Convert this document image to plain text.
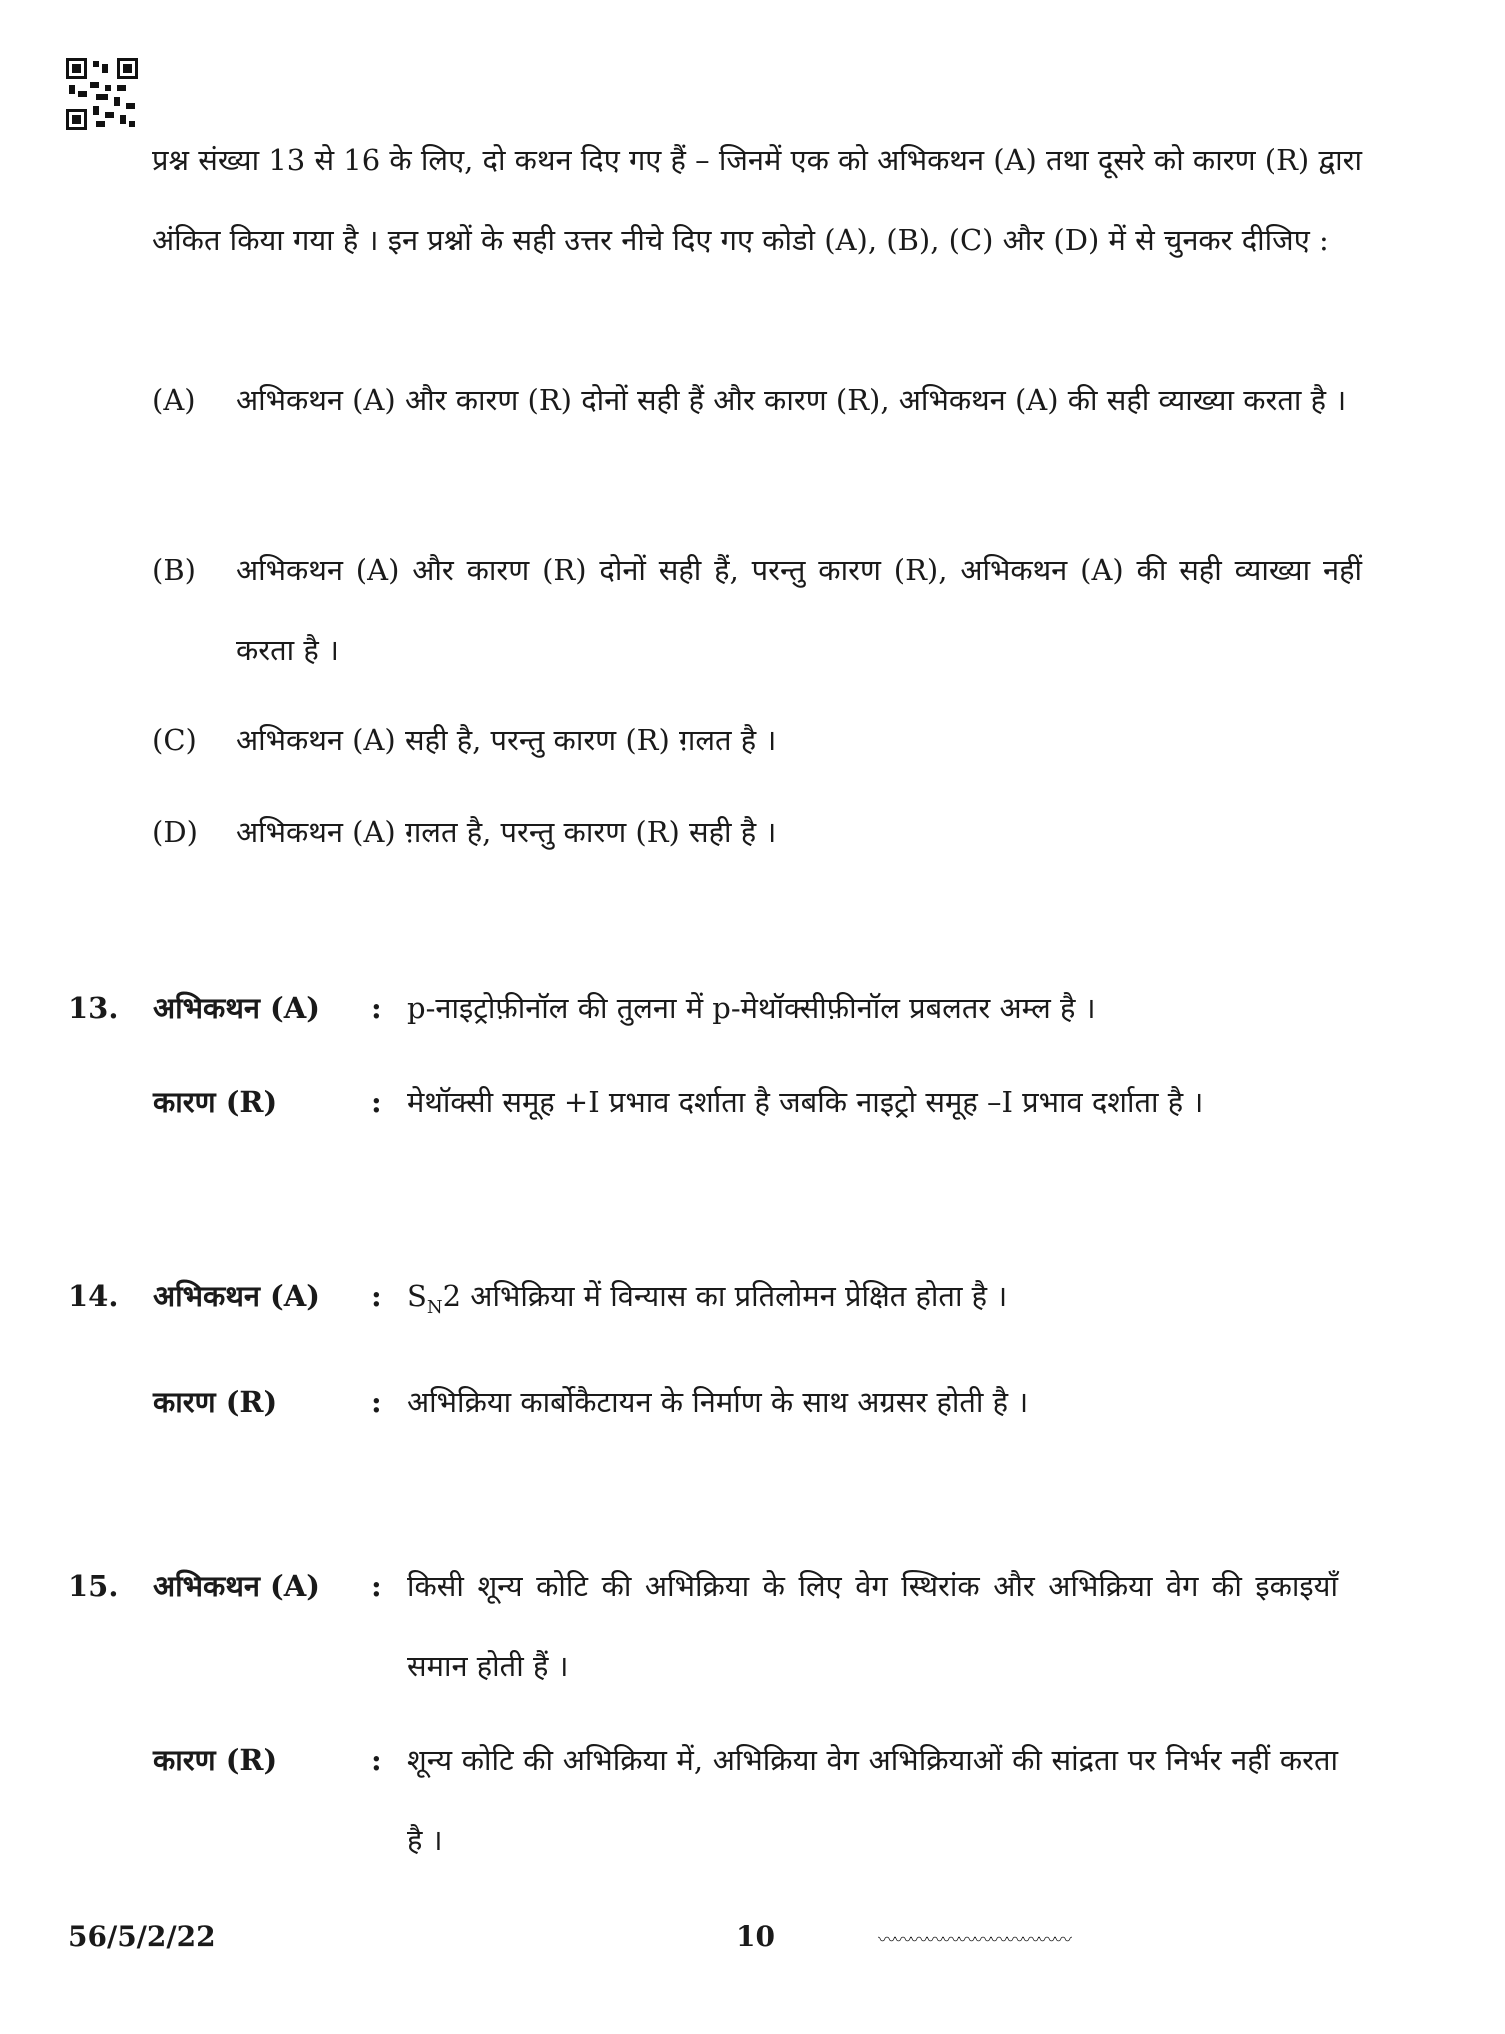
प्रश्न संख्या 13 से 16 के लिए, दो कथन दिए गए हैं – जिनमें एक को अभिकथन (A) तथा दूसरे को कारण (R) द्वारा अंकित किया गया है । इन प्रश्नों के सही उत्तर नीचे दिए गए कोडो (A), (B), (C) और (D) में से चुनकर दीजिए :
(A)	अभिकथन (A) और कारण (R) दोनों सही हैं और कारण (R), अभिकथन (A) की सही व्याख्या करता है ।
(B)	अभिकथन (A) और कारण (R) दोनों सही हैं, परन्तु कारण (R), अभिकथन (A) की सही व्याख्या नहीं करता है ।
(C)	अभिकथन (A) सही है, परन्तु कारण (R) ग़लत है ।
(D)	अभिकथन (A) ग़लत है, परन्तु कारण (R) सही है ।
13.	अभिकथन (A)	: p-नाइट्रोफ़ीनॉल की तुलना में p-मेथॉक्सीफ़ीनॉल प्रबलतर अम्ल है ।
कारण (R)	: मेथॉक्सी समूह +I प्रभाव दर्शाता है जबकि नाइट्रो समूह –I प्रभाव दर्शाता है ।
14.	अभिकथन (A)	: $S_N2$ अभिक्रिया में विन्यास का प्रतिलोमन प्रेक्षित होता है ।
कारण (R)	: अभिक्रिया कार्बोकैटायन के निर्माण के साथ अग्रसर होती है ।
15.	अभिकथन (A)	: किसी शून्य कोटि की अभिक्रिया के लिए वेग स्थिरांक और अभिक्रिया वेग की इकाइयाँ समान होती हैं ।
कारण (R)	: शून्य कोटि की अभिक्रिया में, अभिक्रिया वेग अभिक्रियाओं की सांद्रता पर निर्भर नहीं करता है ।
56/5/2/22	10	〰〰〰〰〰〰〰〰〰〰〰〰
